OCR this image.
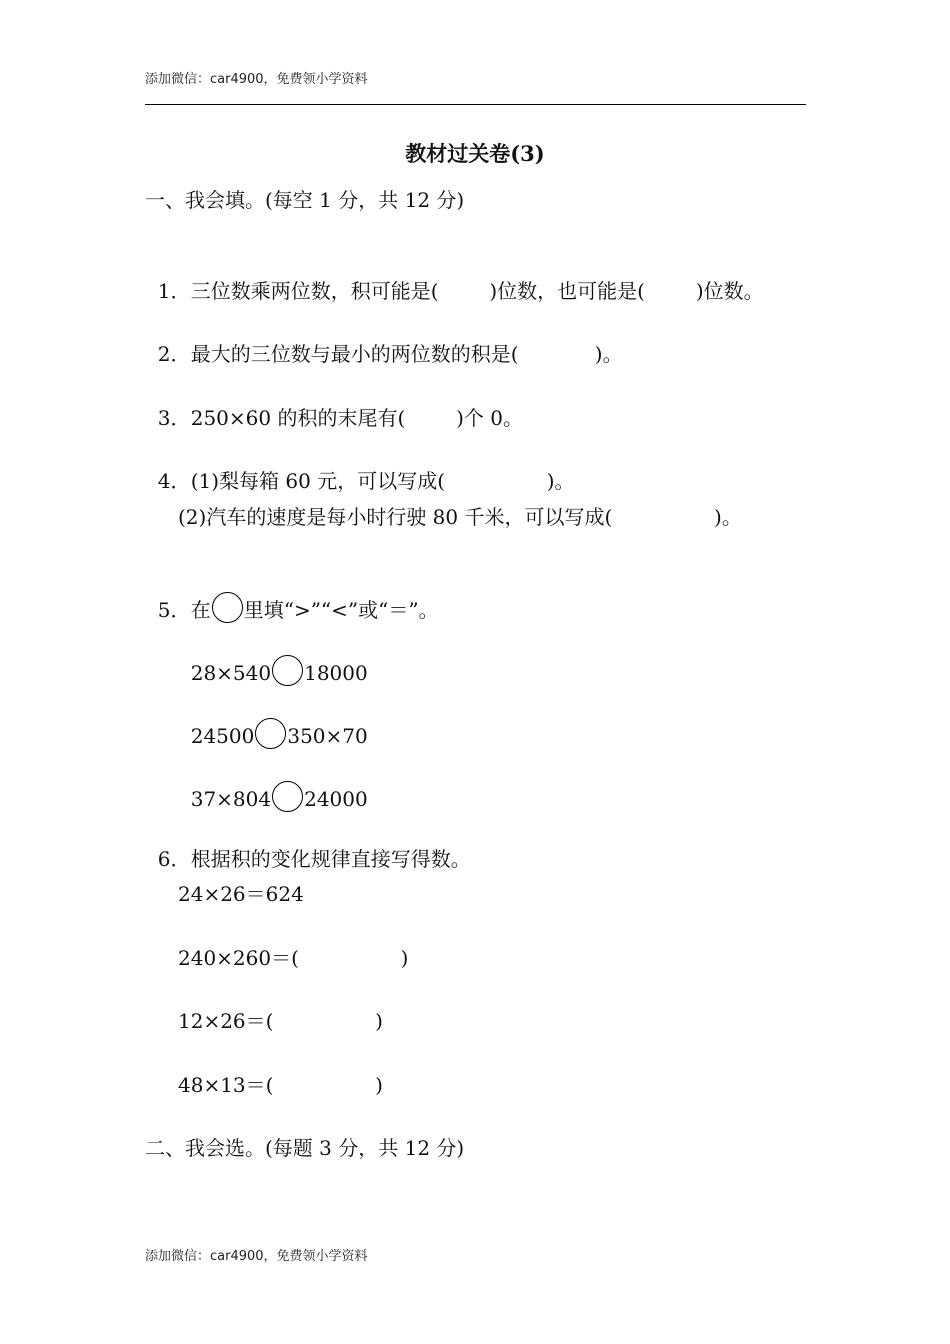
添加微信：car4900，免费领小学资料
教材过关卷(3)
一、我会填。(每空 1 分，共 12 分)

1．三位数乘两位数，积可能是(        )位数，也可能是(        )位数。

2．最大的三位数与最小的两位数的积是(            )。

3．250×60 的积的末尾有(        )个 0。

4．(1)梨每箱 60 元，可以写成(                )。

(2)汽车的速度是每小时行驶 80 千米，可以写成(                )。

5．在 里填“>”“<”或“＝”。

28×540 18000

24500 350×70

37×804 24000

6．根据积的变化规律直接写得数。

24×26＝624
240×260＝(                )
12×26＝(                )
48×13＝(                )
二、我会选。(每题 3 分，共 12 分)
添加微信：car4900，免费领小学资料
